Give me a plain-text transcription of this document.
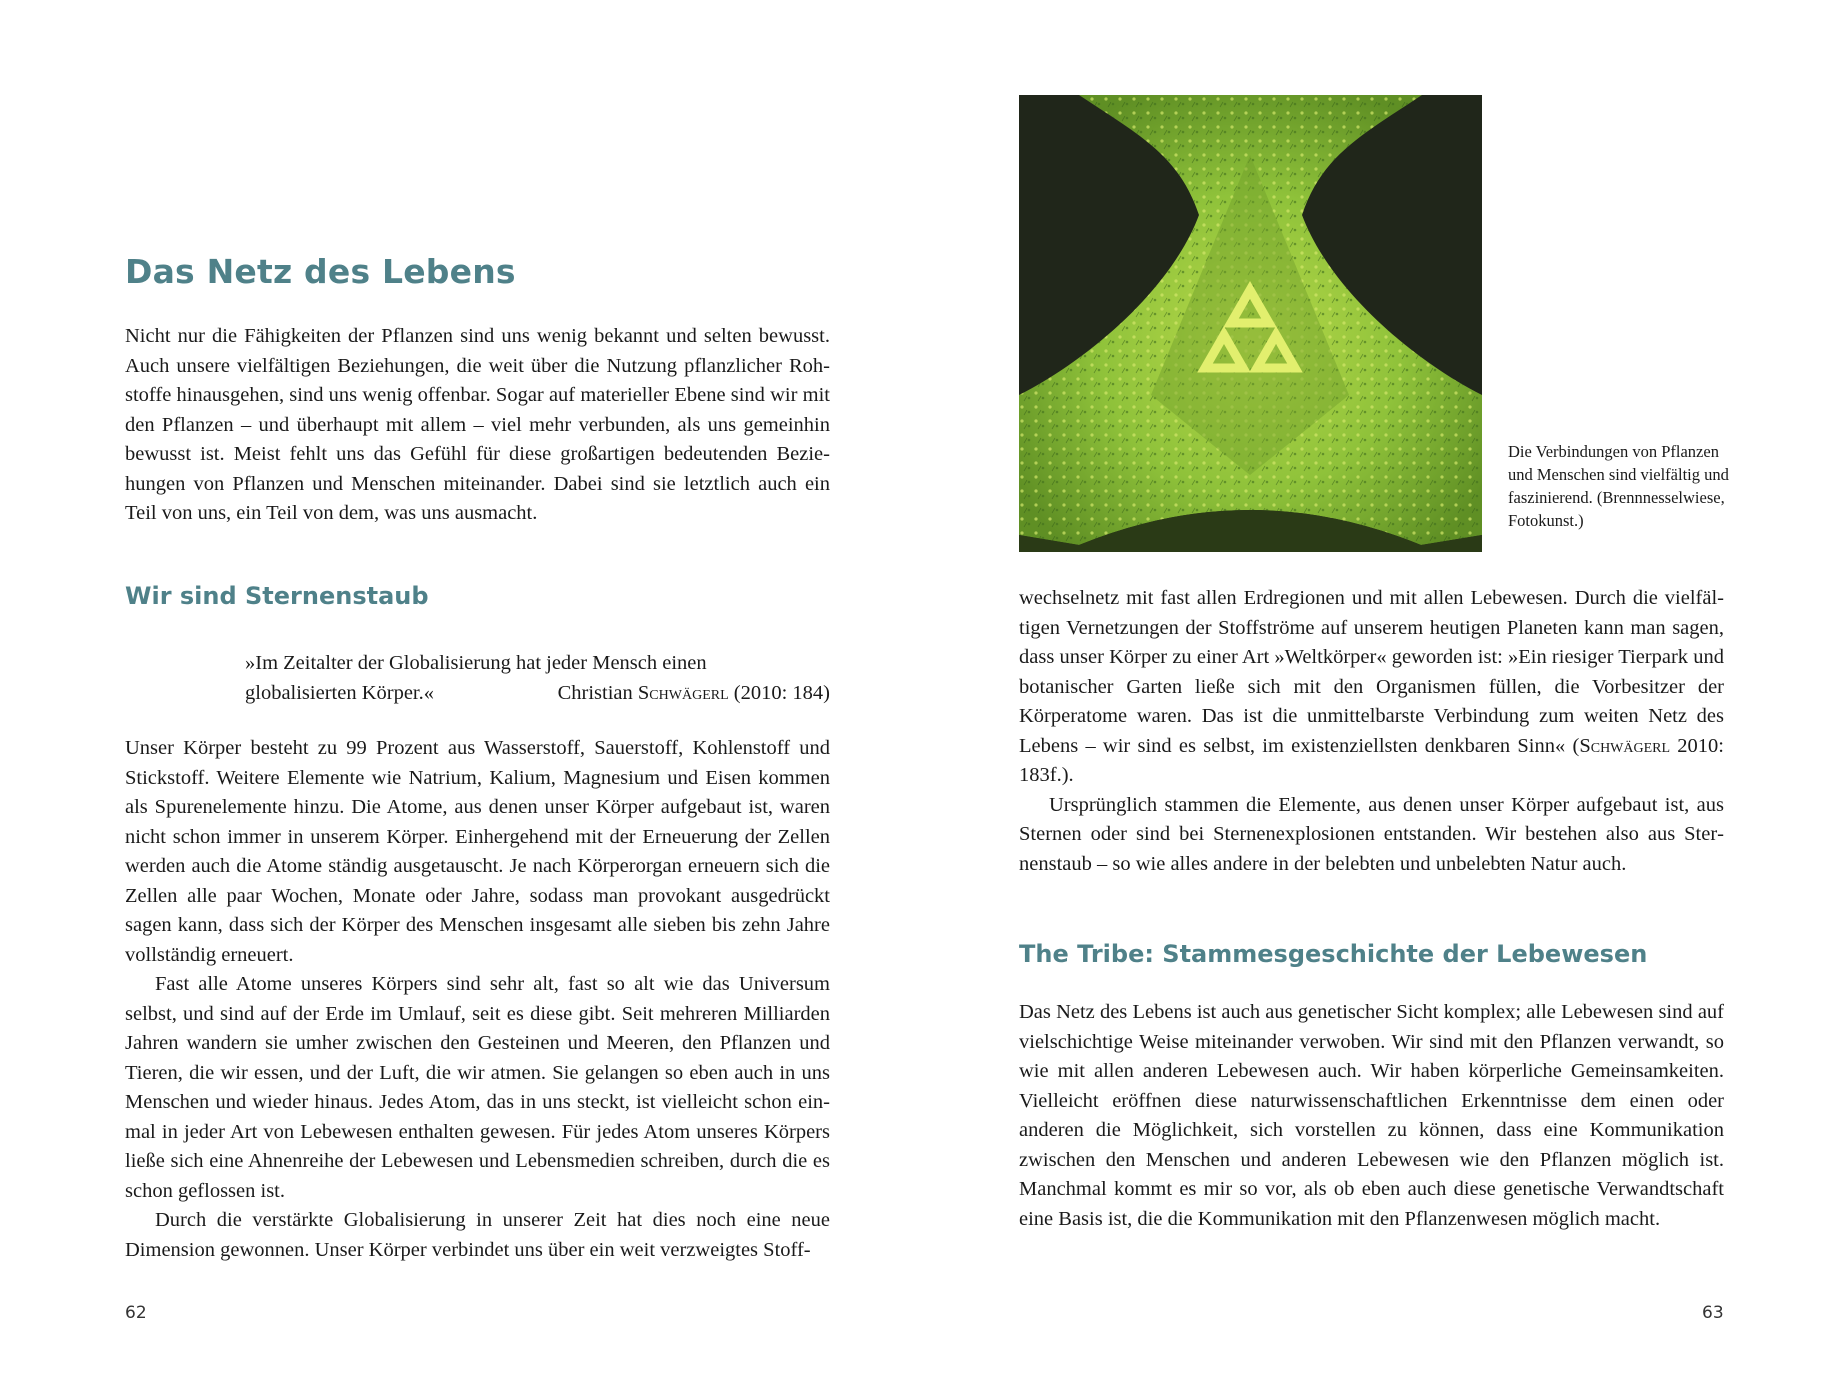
Das Netz des Lebens

Nicht nur die Fähigkeiten der Pflanzen sind uns wenig bekannt und selten bewusst. Auch unsere vielfältigen Beziehungen, die weit über die Nutzung pflanzlicher Rohstoffe hinausgehen, sind uns wenig offenbar. Sogar auf materieller Ebene sind wir mit den Pflanzen – und überhaupt mit allem – viel mehr verbunden, als uns gemeinhin bewusst ist. Meist fehlt uns das Gefühl für diese großartigen bedeutenden Beziehungen von Pflanzen und Menschen miteinander. Dabei sind sie letztlich auch ein Teil von uns, ein Teil von dem, was uns ausmacht.

Wir sind Sternenstaub
»Im Zeitalter der Globalisierung hat jeder Mensch einen
globalisierten Körper.«	Christian Schwägerl (2010: 184)

Unser Körper besteht zu 99 Prozent aus Wasserstoff, Sauerstoff, Kohlenstoff und Stickstoff. Weitere Elemente wie Natrium, Kalium, Magnesium und Eisen kommen als Spurenelemente hinzu. Die Atome, aus denen unser Körper aufgebaut ist, waren nicht schon immer in unserem Körper. Einhergehend mit der Erneuerung der Zellen werden auch die Atome ständig ausgetauscht. Je nach Körperorgan erneuern sich die Zellen alle paar Wochen, Monate oder Jahre, sodass man provokant ausgedrückt sagen kann, dass sich der Körper des Menschen insgesamt alle sieben bis zehn Jahre vollständig erneuert.

Fast alle Atome unseres Körpers sind sehr alt, fast so alt wie das Universum selbst, und sind auf der Erde im Umlauf, seit es diese gibt. Seit mehreren Milliarden Jahren wandern sie umher zwischen den Gesteinen und Meeren, den Pflanzen und Tieren, die wir essen, und der Luft, die wir atmen. Sie gelangen so eben auch in uns Menschen und wieder hinaus. Jedes Atom, das in uns steckt, ist vielleicht schon einmal in jeder Art von Lebewesen enthalten gewesen. Für jedes Atom unseres Körpers ließe sich eine Ahnenreihe der Lebewesen und Lebensmedien schreiben, durch die es schon geflossen ist.

Durch die verstärkte Globalisierung in unserer Zeit hat dies noch eine neue Dimension gewonnen. Unser Körper verbindet uns über ein weit verzweigtes Stoff-

62
Die Verbindungen von Pflanzen und Menschen sind vielfältig und faszinierend. (Brennnesselwiese, Fotokunst.)

wechselnetz mit fast allen Erdregionen und mit allen Lebewesen. Durch die vielfältigen Vernetzungen der Stoffströme auf unserem heutigen Planeten kann man sagen, dass unser Körper zu einer Art »Weltkörper« geworden ist: »Ein riesiger Tierpark und botanischer Garten ließe sich mit den Organismen füllen, die Vorbesitzer der Körperatome waren. Das ist die unmittelbarste Verbindung zum weiten Netz des Lebens – wir sind es selbst, im existenziellsten denkbaren Sinn« (Schwägerl 2010: 183f.).

Ursprünglich stammen die Elemente, aus denen unser Körper aufgebaut ist, aus Sternen oder sind bei Sternenexplosionen entstanden. Wir bestehen also aus Sternenstaub – so wie alles andere in der belebten und unbelebten Natur auch.

The Tribe: Stammesgeschichte der Lebewesen

Das Netz des Lebens ist auch aus genetischer Sicht komplex; alle Lebewesen sind auf vielschichtige Weise miteinander verwoben. Wir sind mit den Pflanzen verwandt, so wie mit allen anderen Lebewesen auch. Wir haben körperliche Gemeinsamkeiten. Vielleicht eröffnen diese naturwissenschaftlichen Erkenntnisse dem einen oder anderen die Möglichkeit, sich vorstellen zu können, dass eine Kommunikation zwischen den Menschen und anderen Lebewesen wie den Pflanzen möglich ist. Manchmal kommt es mir so vor, als ob eben auch diese genetische Verwandtschaft eine Basis ist, die die Kommunikation mit den Pflanzenwesen möglich macht.

63
